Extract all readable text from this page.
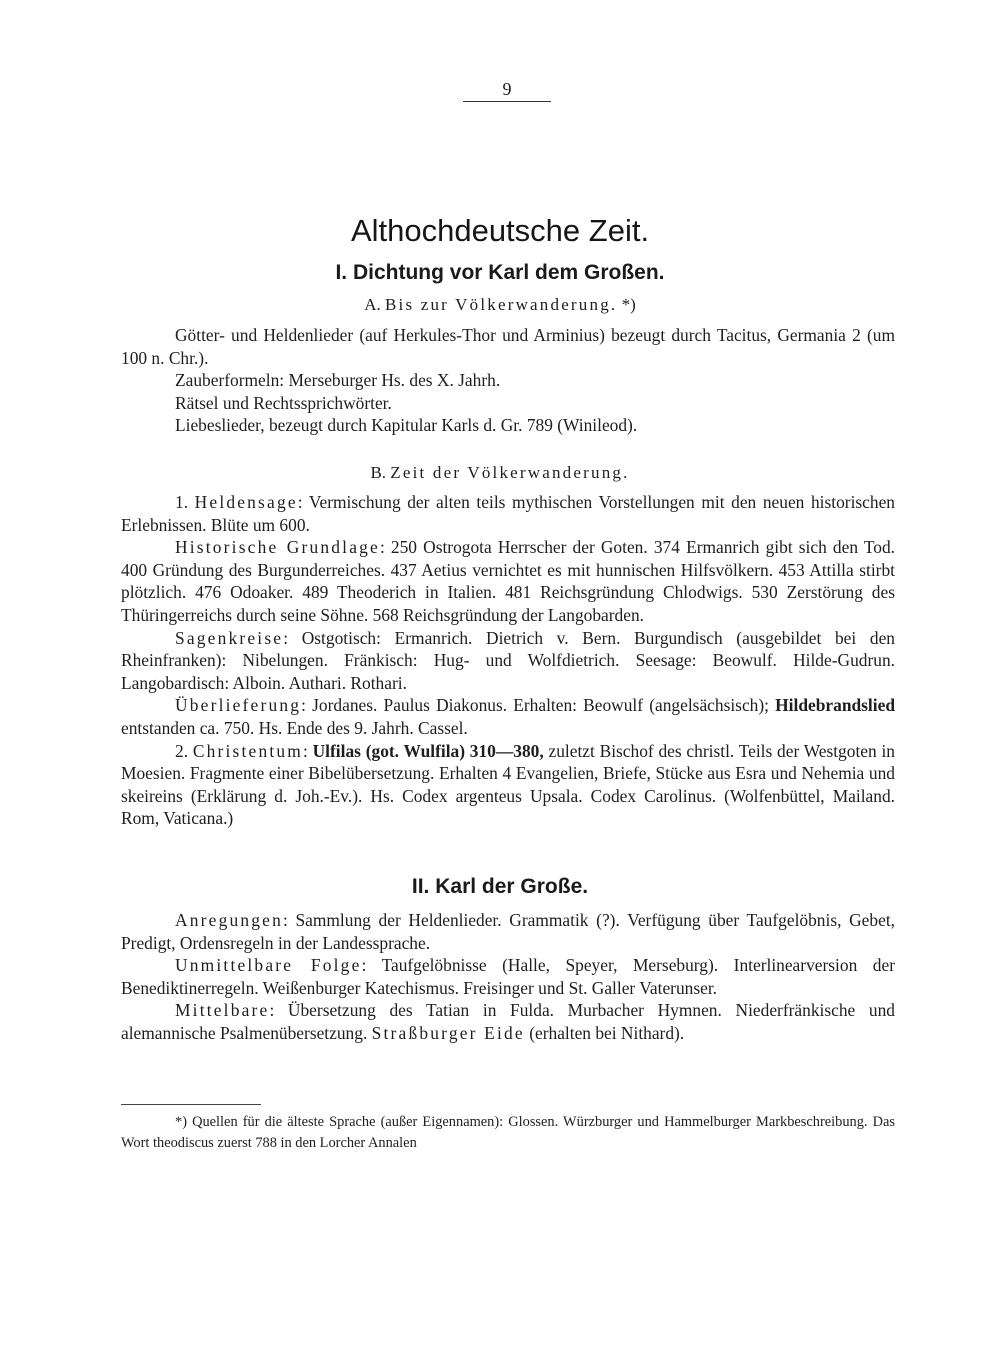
9
Althochdeutsche Zeit.
I. Dichtung vor Karl dem Großen.
A. Bis zur Völkerwanderung. *)

Götter- und Heldenlieder (auf Herkules-Thor und Arminius) bezeugt durch Tacitus, Germania 2 (um 100 n. Chr.).

Zauberformeln: Merseburger Hs. des X. Jahrh.

Rätsel und Rechtssprichwörter.

Liebeslieder, bezeugt durch Kapitular Karls d. Gr. 789 (Winileod).

B. Zeit der Völkerwanderung.

1. Heldensage: Vermischung der alten teils mythischen Vorstellungen mit den neuen historischen Erlebnissen. Blüte um 600.

Historische Grundlage: 250 Ostrogota Herrscher der Goten. 374 Ermanrich gibt sich den Tod. 400 Gründung des Burgunderreiches. 437 Aetius vernichtet es mit hunnischen Hilfsvölkern. 453 Attilla stirbt plötzlich. 476 Odoaker. 489 Theoderich in Italien. 481 Reichsgründung Chlodwigs. 530 Zerstörung des Thüringerreichs durch seine Söhne. 568 Reichsgründung der Langobarden.

Sagenkreise: Ostgotisch: Ermanrich. Dietrich v. Bern. Burgundisch (ausgebildet bei den Rheinfranken): Nibelungen. Fränkisch: Hug- und Wolfdietrich. Seesage: Beowulf. Hilde-Gudrun. Langobardisch: Alboin. Authari. Rothari.

Überlieferung: Jordanes. Paulus Diakonus. Erhalten: Beowulf (angelsächsisch); Hildebrandslied entstanden ca. 750. Hs. Ende des 9. Jahrh. Cassel.

2. Christentum: Ulfilas (got. Wulfila) 310—380, zuletzt Bischof des christl. Teils der Westgoten in Moesien. Fragmente einer Bibelübersetzung. Erhalten 4 Evangelien, Briefe, Stücke aus Esra und Nehemia und skeireins (Erklärung d. Joh.-Ev.). Hs. Codex argenteus Upsala. Codex Carolinus. (Wolfenbüttel, Mailand. Rom, Vaticana.)

II. Karl der Große.

Anregungen: Sammlung der Heldenlieder. Grammatik (?). Verfügung über Taufgelöbnis, Gebet, Predigt, Ordensregeln in der Landessprache.

Unmittelbare Folge: Taufgelöbnisse (Halle, Speyer, Merseburg). Interlinearversion der Benediktinerregeln. Weißenburger Katechismus. Freisinger und St. Galler Vaterunser.

Mittelbare: Übersetzung des Tatian in Fulda. Murbacher Hymnen. Niederfränkische und alemannische Psalmenübersetzung. Straßburger Eide (erhalten bei Nithard).

*) Quellen für die älteste Sprache (außer Eigennamen): Glossen. Würzburger und Hammelburger Markbeschreibung. Das Wort theodiscus zuerst 788 in den Lorcher Annalen
